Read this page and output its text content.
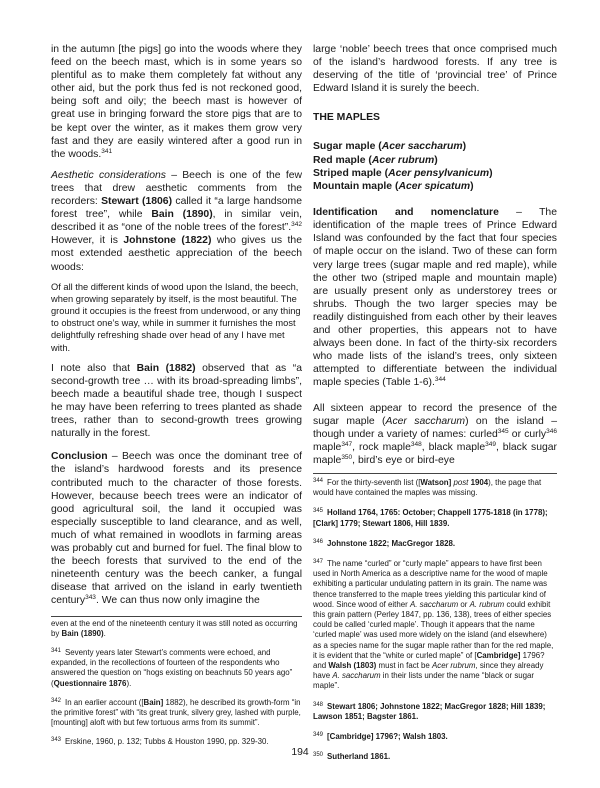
in the autumn [the pigs] go into the woods where they feed on the beech mast, which is in some years so plentiful as to make them completely fat without any other aid, but the pork thus fed is not reckoned good, being soft and oily; the beech mast is however of great use in bringing forward the store pigs that are to be kept over the winter, as it makes them grow very fast and they are easily wintered after a good run in the woods.$^{341}$

Aesthetic considerations – Beech is one of the few trees that drew aesthetic comments from the recorders: Stewart (1806) called it “a large handsome forest tree”, while Bain (1890), in similar vein, described it as “one of the noble trees of the forest”.$^{342}$ However, it is Johnstone (1822) who gives us the most extended aesthetic appreciation of the beech woods:

Of all the different kinds of wood upon the Island, the beech, when growing separately by itself, is the most beautiful. The ground it occupies is the freest from underwood, or any thing to obstruct one’s way, while in summer it furnishes the most delightfully refreshing shade over head of any I have met with.

I note also that Bain (1882) observed that as “a second-growth tree … with its broad-spreading limbs”, beech made a beautiful shade tree, though I suspect he may have been referring to trees planted as shade trees, rather than to second-growth trees growing naturally in the forest.

Conclusion – Beech was once the dominant tree of the island’s hardwood forests and its presence contributed much to the character of those forests. However, because beech trees were an indicator of good agricultural soil, the land it occupied was especially susceptible to land clearance, and as well, much of what remained in woodlots in farming areas was probably cut and burned for fuel. The final blow to the beech forests that survived to the end of the nineteenth century was the beech canker, a fungal disease that arrived on the island in early twentieth century$^{343}$. We can thus now only imagine the

even at the end of the nineteenth century it was still noted as occurring by Bain (1890).

$^{341}$ Seventy years later Stewart’s comments were echoed, and expanded, in the recollections of fourteen of the respondents who answered the question on “hogs existing on beachnuts 50 years ago” (Questionnaire 1876).

$^{342}$ In an earlier account ([Bain] 1882), he described its growth-form “in the primitive forest” with “its great trunk, silvery grey, lashed with purple, [mounting] aloft with but few tortuous arms from its summit”.

$^{343}$ Erskine, 1960, p. 132; Tubbs & Houston 1990, pp. 329-30.

large ‘noble’ beech trees that once comprised much of the island’s hardwood forests. If any tree is deserving of the title of ‘provincial tree’ of Prince Edward Island it is surely the beech.

THE MAPLES
Sugar maple (Acer saccharum)
Red maple (Acer rubrum)
Striped maple (Acer pensylvanicum)
Mountain maple (Acer spicatum)

Identification and nomenclature – The identification of the maple trees of Prince Edward Island was confounded by the fact that four species of maple occur on the island. Two of these can form very large trees (sugar maple and red maple), while the other two (striped maple and mountain maple) are usually present only as understorey trees or shrubs. Though the two larger species may be readily distinguished from each other by their leaves and other properties, this appears not to have always been done. In fact of the thirty-six recorders who made lists of the island’s trees, only sixteen attempted to differentiate between the individual maple species (Table 1-6).$^{344}$

All sixteen appear to record the presence of the sugar maple (Acer saccharum) on the island – though under a variety of names: curled$^{345}$ or curly$^{346}$ maple$^{347}$, rock maple$^{348}$, black maple$^{349}$, black sugar maple$^{350}$, bird’s eye or bird-eye

$^{344}$ For the thirty-seventh list ([Watson] post 1904), the page that would have contained the maples was missing.

$^{345}$ Holland 1764, 1765: October; Chappell 1775-1818 (in 1778); [Clark] 1779; Stewart 1806, Hill 1839.

$^{346}$ Johnstone 1822; MacGregor 1828.

$^{347}$ The name “curled” or “curly maple” appears to have first been used in North America as a descriptive name for the wood of maple exhibiting a particular undulating pattern in its grain. The name was thence transferred to the maple trees yielding this particular kind of wood. Since wood of either A. saccharum or A. rubrum could exhibit this grain pattern (Perley 1847, pp. 136, 138), trees of either species could be called ‘curled maple’. Though it appears that the name ‘curled maple’ was used more widely on the island (and elsewhere) as a species name for the sugar maple rather than for the red maple, it is evident that the “white or curled maple” of [Cambridge] 1796? and Walsh (1803) must in fact be Acer rubrum, since they already have A. saccharum in their lists under the name “black or sugar maple”.

$^{348}$ Stewart 1806; Johnstone 1822; MacGregor 1828; Hill 1839; Lawson 1851; Bagster 1861.

$^{349}$ [Cambridge] 1796?; Walsh 1803.

$^{350}$ Sutherland 1861.

194
